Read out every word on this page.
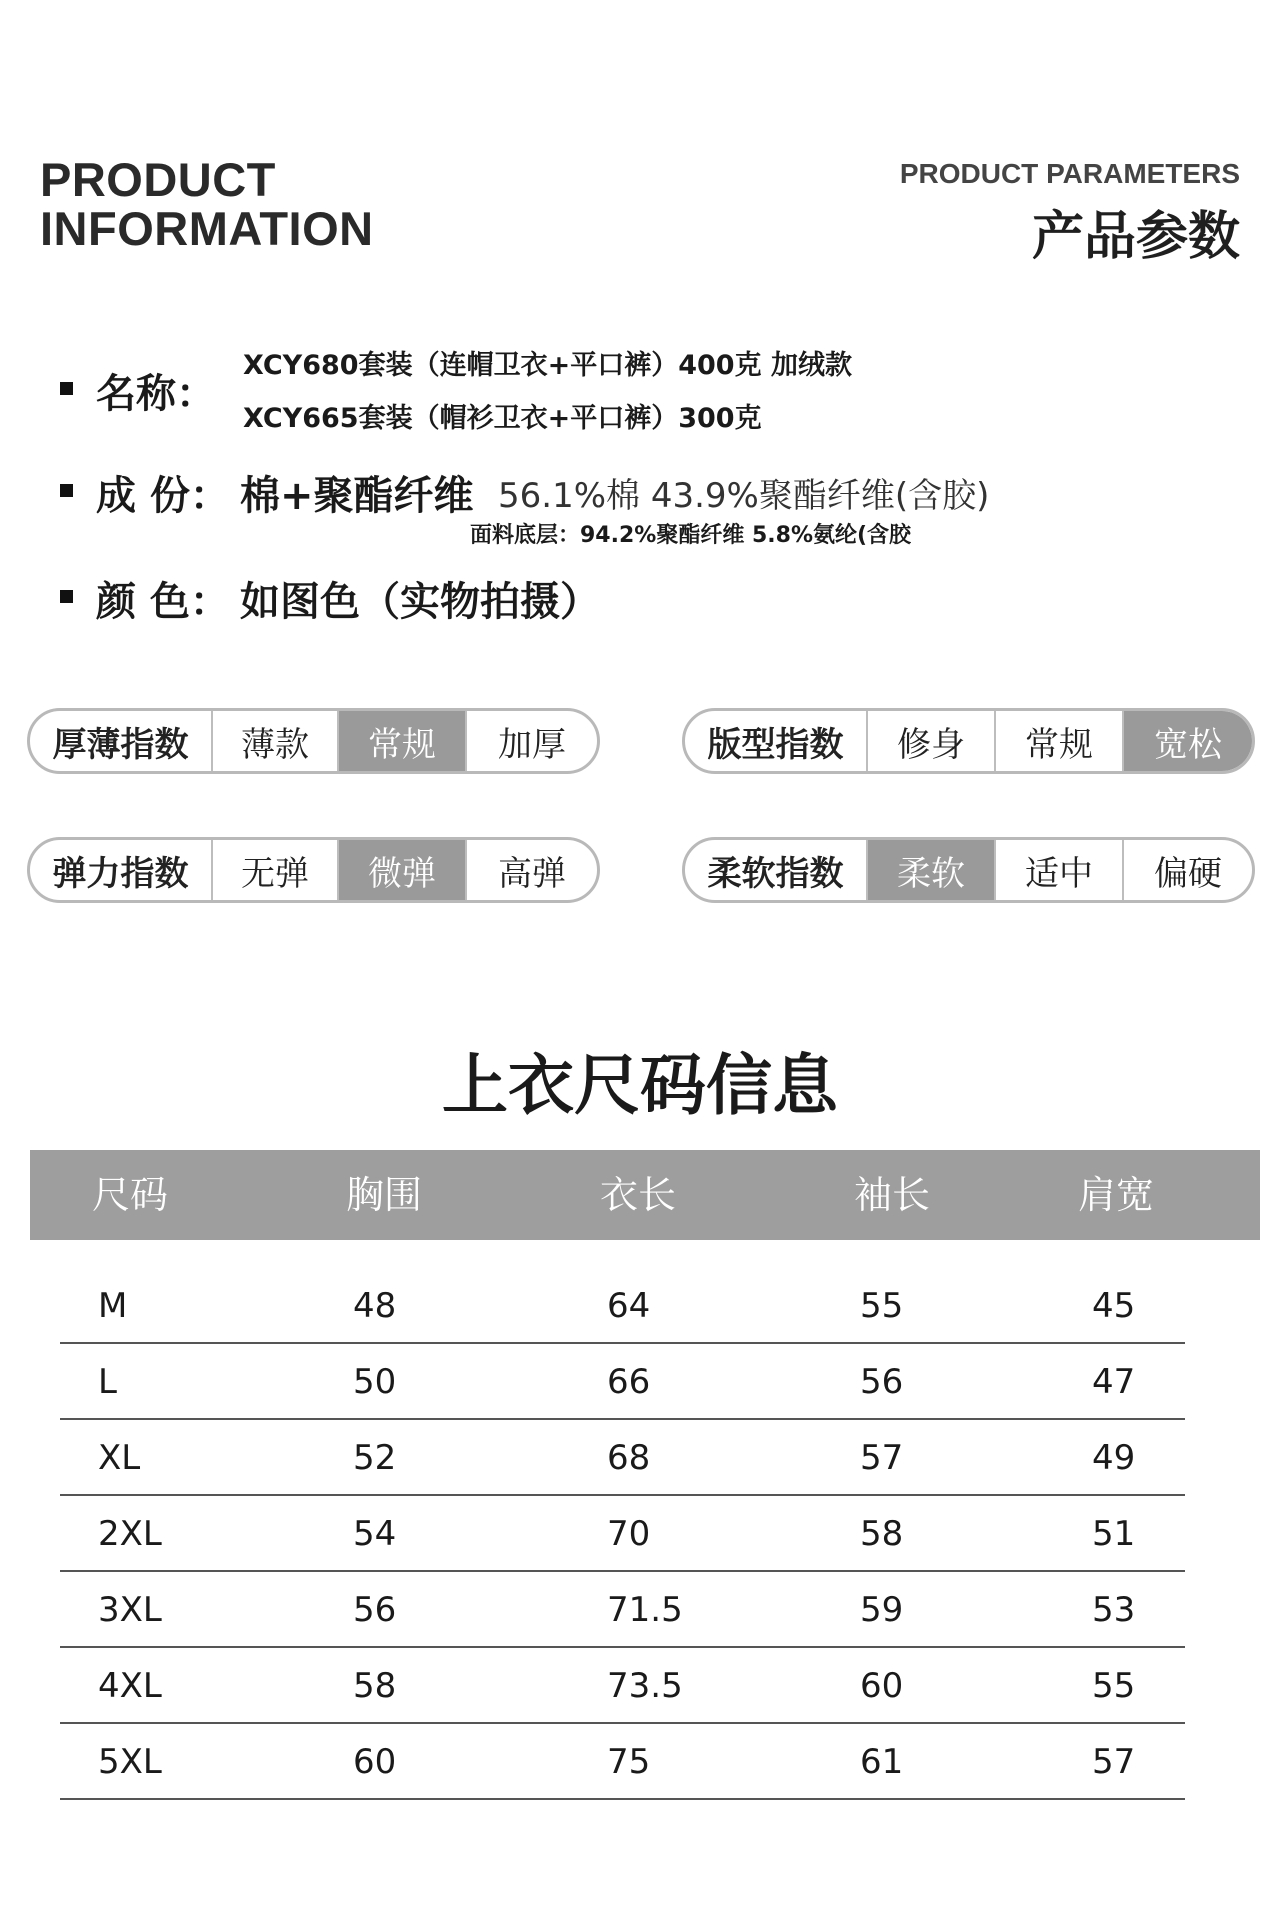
PRODUCT
INFORMATION
PRODUCT PARAMETERS
产品参数
名称：
XCY680套装（连帽卫衣+平口裤）400克 加绒款
XCY665套装（帽衫卫衣+平口裤）300克
成 份： 棉+聚酯纤维 56.1%棉 43.9%聚酯纤维(含胶)
面料底层：94.2%聚酯纤维 5.8%氨纶(含胶
颜 色： 如图色（实物拍摄）
厚薄指数	薄款	常规	加厚	版型指数	修身	常规	宽松
弹力指数	无弹	微弹	高弹	柔软指数	柔软	适中	偏硬
上衣尺码信息
尺码	胸围	衣长	袖长	肩宽
M	48	64	55	45
L	50	66	56	47
XL	52	68	57	49
2XL	54	70	58	51
3XL	56	71.5	59	53
4XL	58	73.5	60	55
5XL	60	75	61	57
